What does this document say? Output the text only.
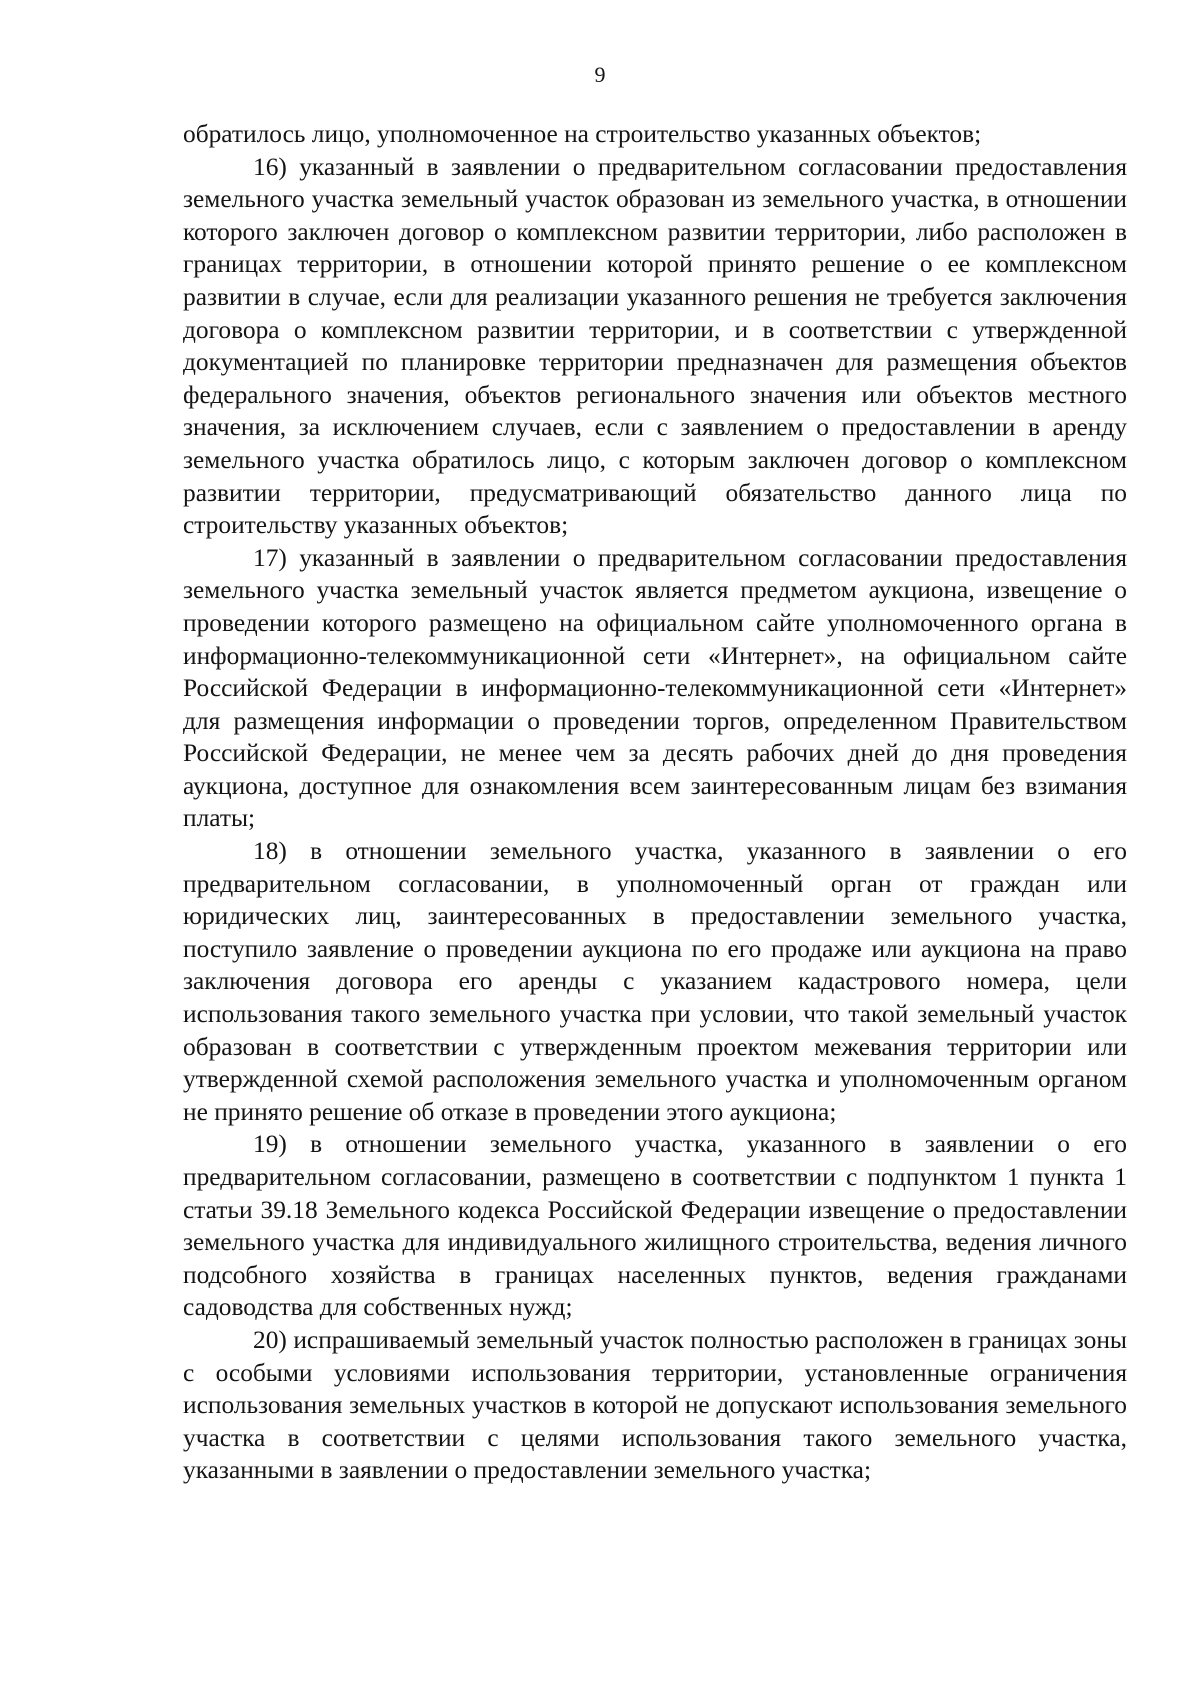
9

обратилось лицо, уполномоченное на строительство указанных объектов;

16) указанный в заявлении о предварительном согласовании предоставления земельного участка земельный участок образован из земельного участка, в отношении которого заключен договор о комплексном развитии территории, либо расположен в границах территории, в отношении которой принято решение о ее комплексном развитии в случае, если для реализации указанного решения не требуется заключения договора о комплексном развитии территории, и в соответствии с утвержденной документацией по планировке территории предназначен для размещения объектов федерального значения, объектов регионального значения или объектов местного значения, за исключением случаев, если с заявлением о предоставлении в аренду земельного участка обратилось лицо, с которым заключен договор о комплексном развитии территории, предусматривающий обязательство данного лица по строительству указанных объектов;

17) указанный в заявлении о предварительном согласовании предоставления земельного участка земельный участок является предметом аукциона, извещение о проведении которого размещено на официальном сайте уполномоченного органа в информационно-телекоммуникационной сети «Интернет», на официальном сайте Российской Федерации в информационно-телекоммуникационной сети «Интернет» для размещения информации о проведении торгов, определенном Правительством Российской Федерации, не менее чем за десять рабочих дней до дня проведения аукциона, доступное для ознакомления всем заинтересованным лицам без взимания платы;

18) в отношении земельного участка, указанного в заявлении о его предварительном согласовании, в уполномоченный орган от граждан или юридических лиц, заинтересованных в предоставлении земельного участка, поступило заявление о проведении аукциона по его продаже или аукциона на право заключения договора его аренды с указанием кадастрового номера, цели использования такого земельного участка при условии, что такой земельный участок образован в соответствии с утвержденным проектом межевания территории или утвержденной схемой расположения земельного участка и уполномоченным органом не принято решение об отказе в проведении этого аукциона;

19) в отношении земельного участка, указанного в заявлении о его предварительном согласовании, размещено в соответствии с подпунктом 1 пункта 1 статьи 39.18 Земельного кодекса Российской Федерации извещение о предоставлении земельного участка для индивидуального жилищного строительства, ведения личного подсобного хозяйства в границах населенных пунктов, ведения гражданами садоводства для собственных нужд;

20) испрашиваемый земельный участок полностью расположен в границах зоны с особыми условиями использования территории, установленные ограничения использования земельных участков в которой не допускают использования земельного участка в соответствии с целями использования такого земельного участка, указанными в заявлении о предоставлении земельного участка;
